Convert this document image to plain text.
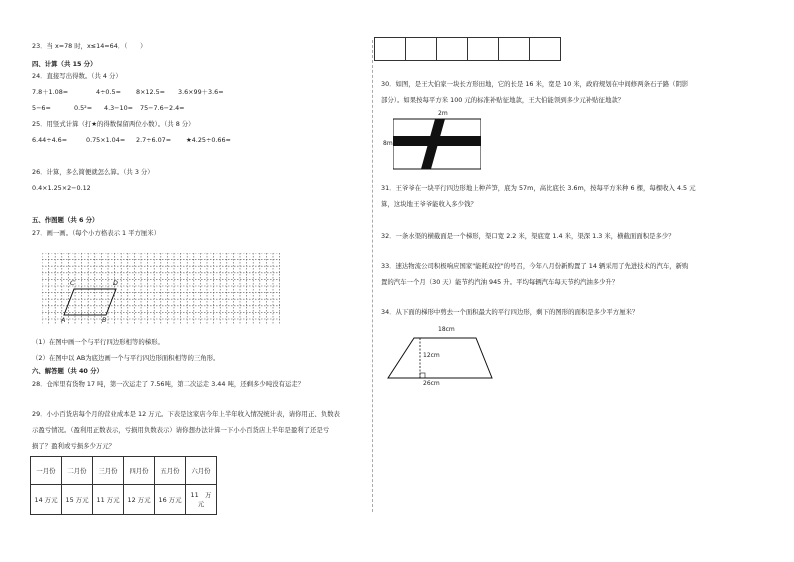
23．当 x=78 时，x≤14=64．（　　）
四、计算（共 15 分）
24．直接写出得数。（共 4 分）
7.8＋1.08=	4÷0.5= 8×12.5= 3.6×99＋3.6=
5−6=	0.5²= 4.3−10= 75−7.6−2.4=
25．用竖式计算（打★的得数保留两位小数）。（共 8 分）
6.44÷4.6=	0.75×1.04= 2.7÷6.07= ★4.25÷0.66≈
26．计算，多么简便就怎么算。（共 3 分）
0.4×1.25×2−0.12
五、作图题（共 6 分）
27．画一画。（每个小方格表示 1 平方厘米）
C	D
A	B
（1）在图中画一个与平行四边形相等的梯形。
（2）在图中以 AB为底边画一个与平行四边形面积相等的三角形。
六、解答题（共 40 分）
28．仓库里有货物 17 吨，第一次运走了 7.56吨，第二次运走 3.44 吨，还剩多少吨没有运走？
29．小小百货店每个月的营业成本是 12 万元。下表是这家店今年上半年收入情况统计表，请你用正、负数表
示盈亏情况。（盈利用正数表示，亏损用负数表示）请你想办法计算一下小小百货店上半年是盈利了还是亏
损了？盈利或亏损多少万元？
一月份	二月份	三月份	四月份	五月份	六月份
14 万元	15 万元	11 万元	12 万元	16 万元	11　万
元
30．如图，是王大伯家一块长方形田地，它的长是 16 米，宽是 10 米，政府规划在中间修两条石子路（阴影
部分）。如果按每平方米 100 元的标准补贴征地款，王大伯能领到多少元补贴征地款？
2m
8m
31．王爷爷在一块平行四边形地上种芦笋，底为 57m，高比底长 3.6m，按每平方米种 6 棵，每棵收入 4.5 元
算，这块地王爷爷能收入多少钱？
32．一条水渠的横截面是一个梯形，渠口宽 2.2 米，渠底宽 1.4 米，渠深 1.3 米，横截面面积是多少？
33．速达物流公司积极响应国家"能耗双控"的号召，今年八月份新购置了 14 辆采用了先进技术的汽车，新购
置的汽车一个月（30 天）能节约汽油 945 升。平均每辆汽车每天节约汽油多少升？
34．从下面的梯形中剪去一个面积最大的平行四边形，剩下的图形的面积是多少平方厘米？
18cm
12cm
26cm
